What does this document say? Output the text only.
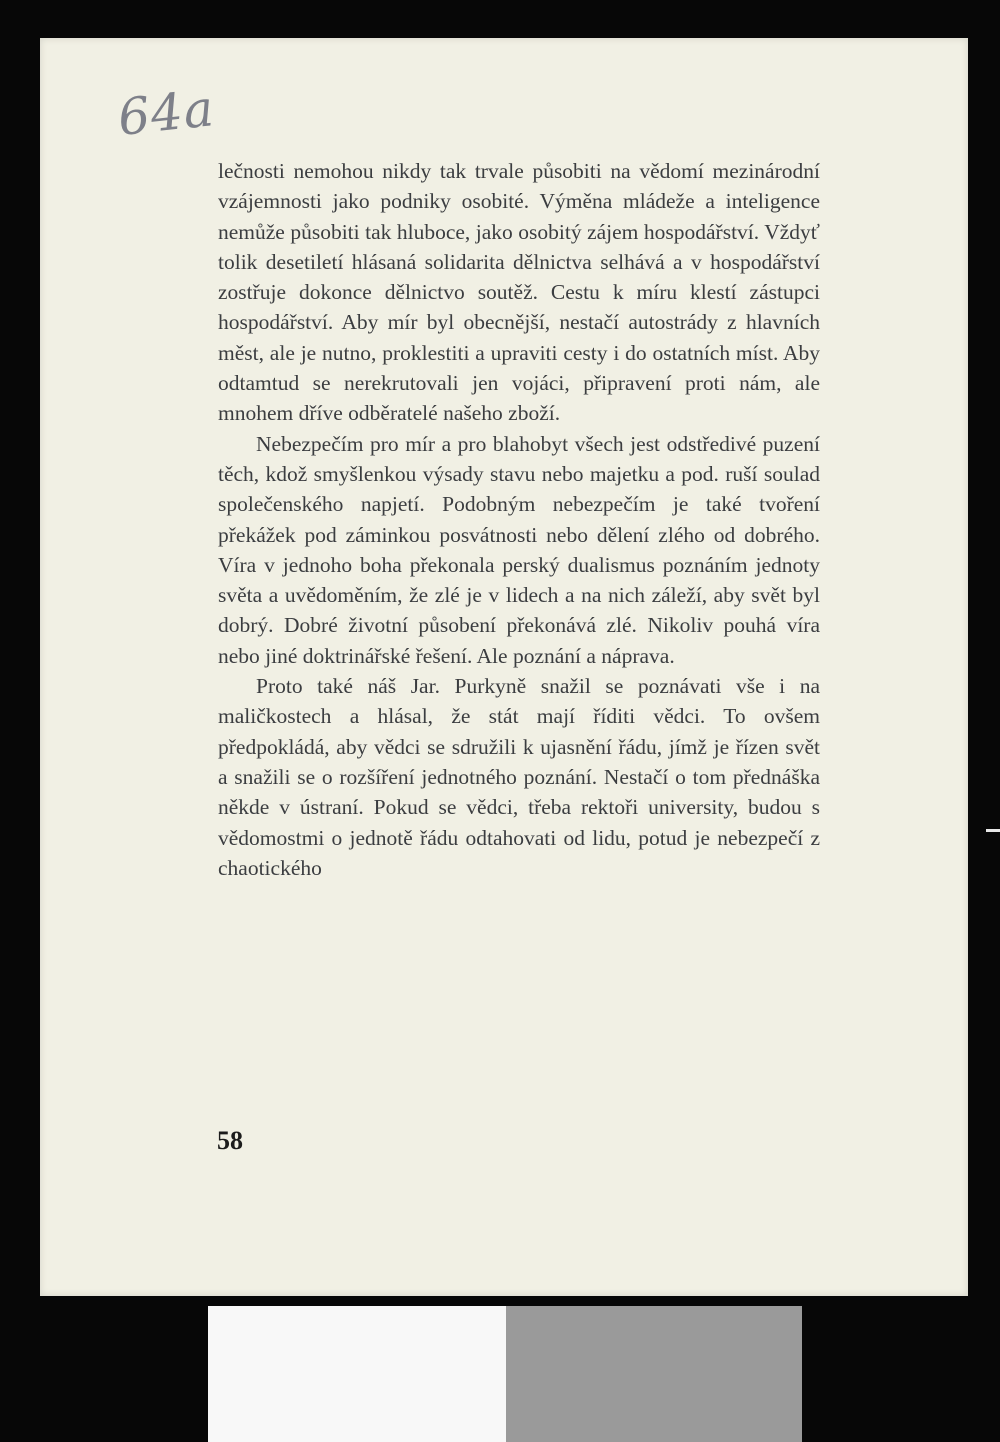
64a

lečnosti nemohou nikdy tak trvale působiti na vědomí mezinárodní vzájemnosti jako podniky osobité. Výměna mládeže a inteligence nemůže působiti tak hluboce, jako osobitý zájem hospodářství. Vždyť tolik desetiletí hlásaná solidarita dělnictva selhává a v hospodářství zostřuje dokonce dělnictvo soutěž. Cestu k míru klestí zástupci hospodářství. Aby mír byl obecnější, nestačí autostrády z hlavních měst, ale je nutno, proklestiti a upraviti cesty i do ostatních míst. Aby odtamtud se nerekrutovali jen vojáci, připravení proti nám, ale mnohem dříve odběratelé našeho zboží.

Nebezpečím pro mír a pro blahobyt všech jest odstředivé puzení těch, kdož smyšlenkou výsady stavu nebo majetku a pod. ruší soulad společenského napjetí. Podobným nebezpečím je také tvoření překážek pod záminkou posvátnosti nebo dělení zlého od dobrého. Víra v jednoho boha překonala perský dualismus poznáním jednoty světa a uvědoměním, že zlé je v lidech a na nich záleží, aby svět byl dobrý. Dobré životní působení překonává zlé. Nikoliv pouhá víra nebo jiné doktrinářské řešení. Ale poznání a náprava.

Proto také náš Jar. Purkyně snažil se poznávati vše i na maličkostech a hlásal, že stát mají říditi vědci. To ovšem předpokládá, aby vědci se sdružili k ujasnění řádu, jímž je řízen svět a snažili se o rozšíření jednotného poznání. Nestačí o tom přednáška někde v ústraní. Pokud se vědci, třeba rektoři university, budou s vědomostmi o jednotě řádu odtahovati od lidu, potud je nebezpečí z chaotického

58
